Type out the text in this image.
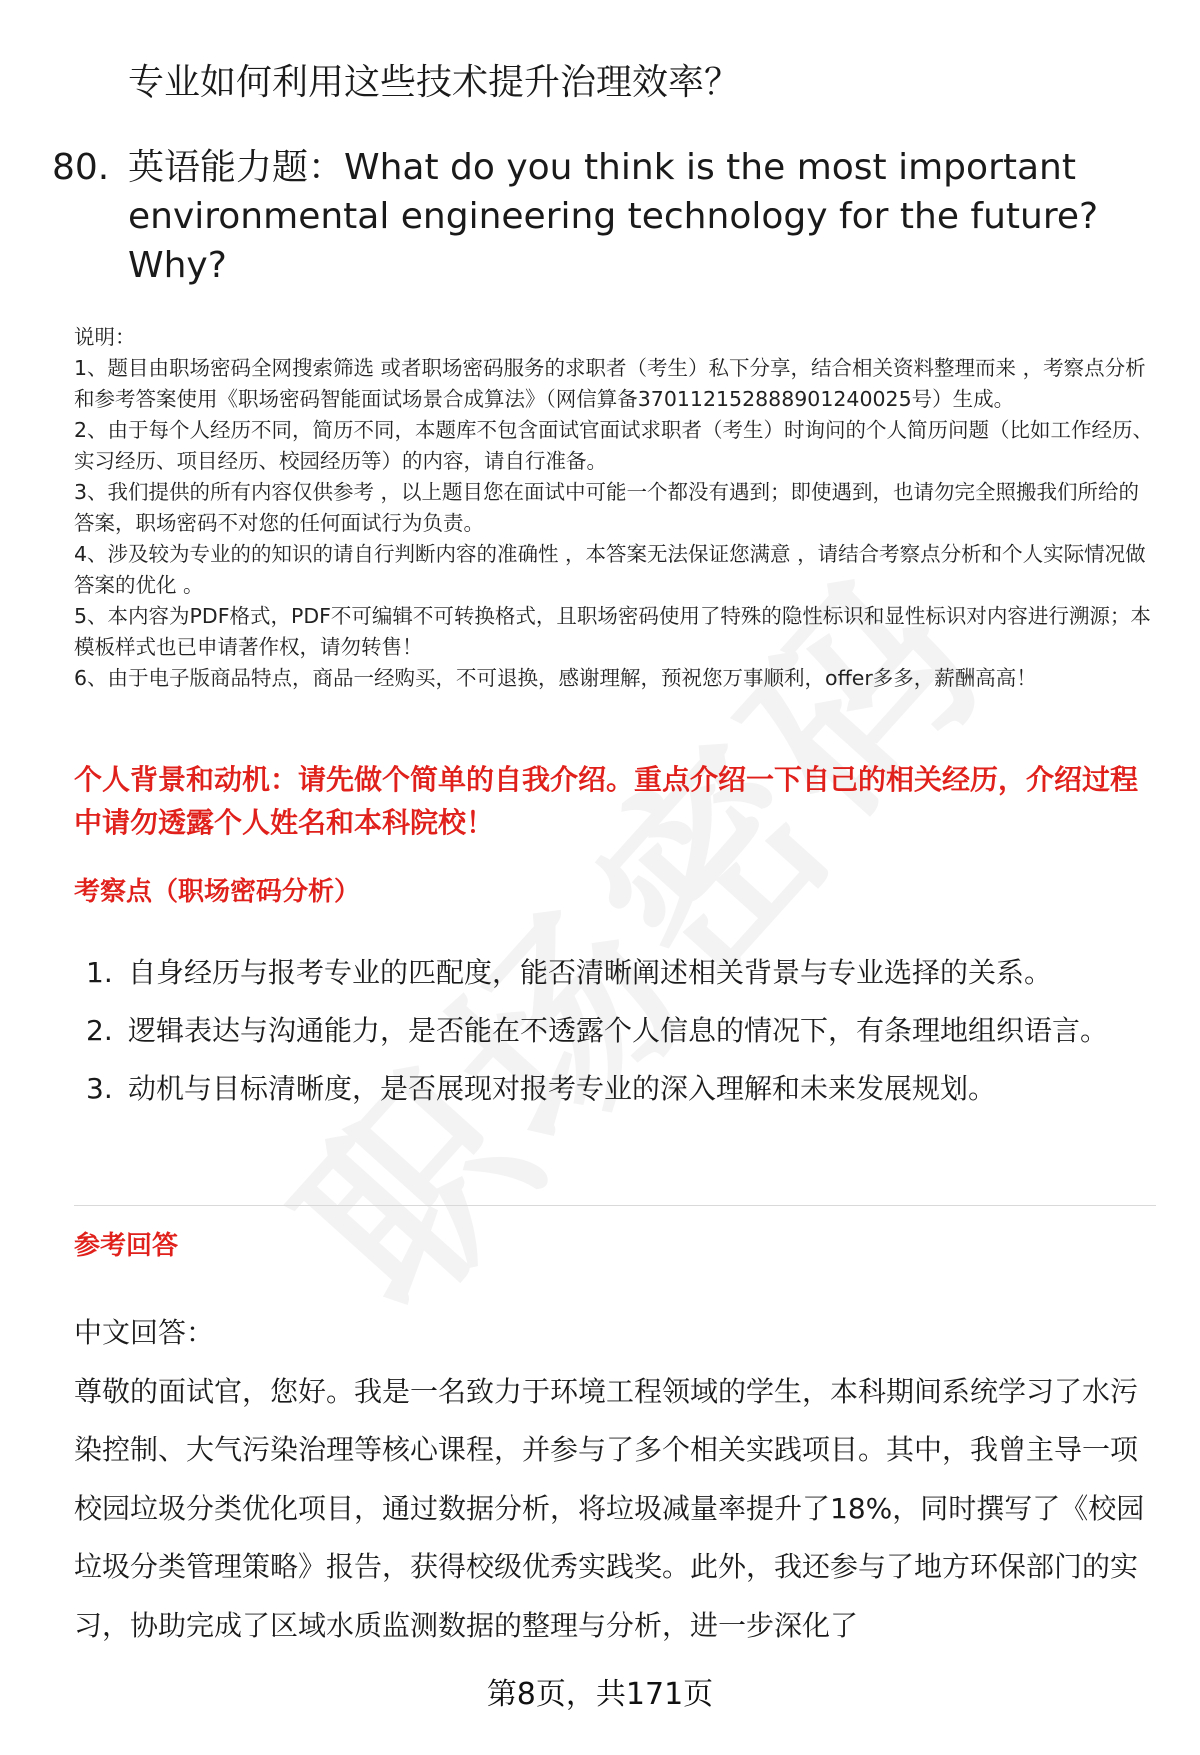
专业如何利用这些技术提升治理效率？
80. 英语能力题：What do you think is the most important environmental engineering technology for the future? Why?
说明：
1、题目由职场密码全网搜索筛选 或者职场密码服务的求职者（考生）私下分享，结合相关资料整理而来 ，考察点分析和参考答案使用《职场密码智能面试场景合成算法》（网信算备370112152888901240025号）生成。
2、由于每个人经历不同，简历不同，本题库不包含面试官面试求职者（考生）时询问的个人简历问题（比如工作经历、实习经历、项目经历、校园经历等）的内容，请自行准备。
3、我们提供的所有内容仅供参考 ，以上题目您在面试中可能一个都没有遇到；即使遇到，也请勿完全照搬我们所给的答案，职场密码不对您的任何面试行为负责。
4、涉及较为专业的的知识的请自行判断内容的准确性 ，本答案无法保证您满意 ，请结合考察点分析和个人实际情况做答案的优化 。
5、本内容为PDF格式，PDF不可编辑不可转换格式，且职场密码使用了特殊的隐性标识和显性标识对内容进行溯源；本模板样式也已申请著作权，请勿转售！
6、由于电子版商品特点，商品一经购买，不可退换，感谢理解，预祝您万事顺利，offer多多，薪酬高高！
个人背景和动机：请先做个简单的自我介绍。重点介绍一下自己的相关经历，介绍过程中请勿透露个人姓名和本科院校！
考察点（职场密码分析）
1. 自身经历与报考专业的匹配度，能否清晰阐述相关背景与专业选择的关系。
2. 逻辑表达与沟通能力，是否能在不透露个人信息的情况下，有条理地组织语言。
3. 动机与目标清晰度，是否展现对报考专业的深入理解和未来发展规划。
参考回答
中文回答：
尊敬的面试官，您好。我是一名致力于环境工程领域的学生，本科期间系统学习了水污染控制、大气污染治理等核心课程，并参与了多个相关实践项目。其中，我曾主导一项校园垃圾分类优化项目，通过数据分析，将垃圾减量率提升了18%，同时撰写了《校园垃圾分类管理策略》报告，获得校级优秀实践奖。此外，我还参与了地方环保部门的实习，协助完成了区域水质监测数据的整理与分析，进一步深化了
第8页，共171页
